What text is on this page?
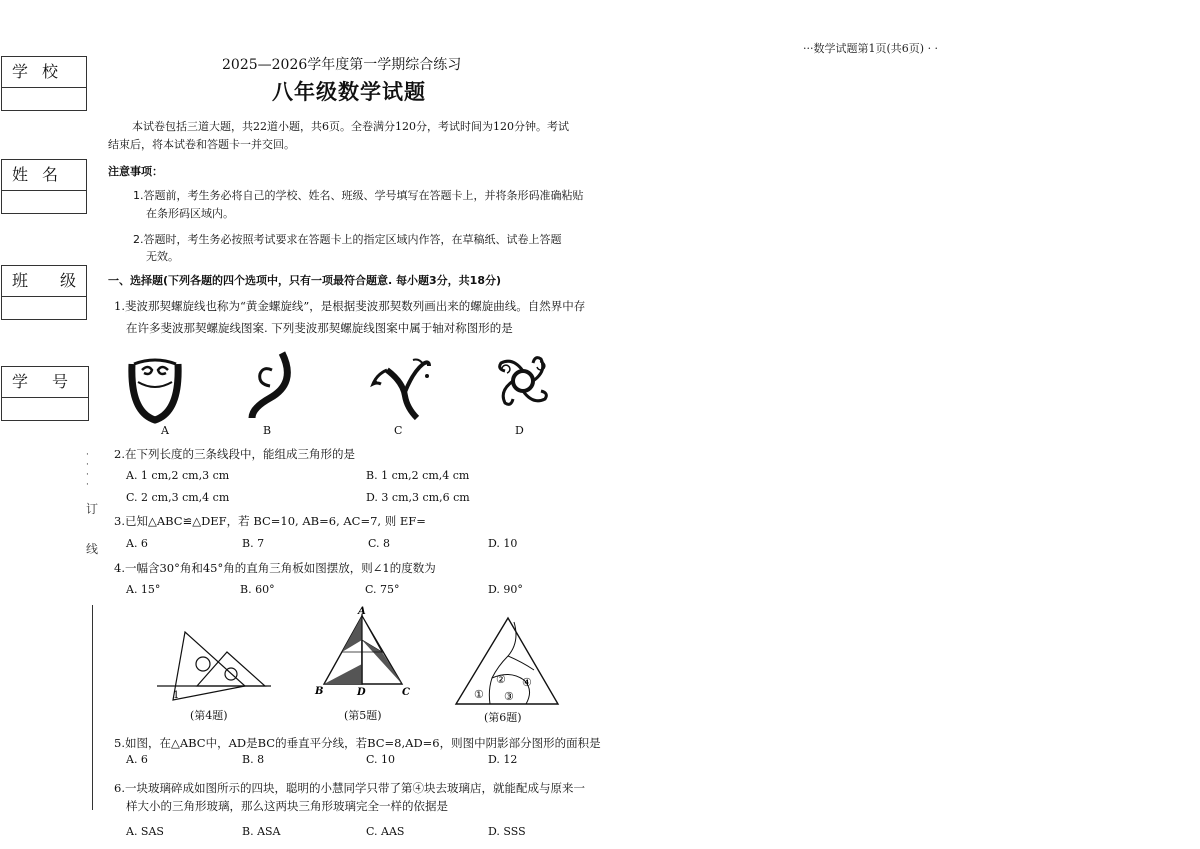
···数学试题第1页(共6页) · ·
学校
姓名
班级
学号
·
·
·
·
订
线
2025—2026学年度第一学期综合练习
八年级数学试题
本试卷包括三道大题，共22道小题，共6页。全卷满分120分，考试时间为120分钟。考试
结束后，将本试卷和答题卡一并交回。
注意事项：
1.答题前，考生务必将自己的学校、姓名、班级、学号填写在答题卡上，并将条形码准确粘贴
在条形码区域内。
2.答题时，考生务必按照考试要求在答题卡上的指定区域内作答，在草稿纸、试卷上答题
无效。
一、选择题(下列各题的四个选项中，只有一项最符合题意. 每小题3分，共18分)
1.斐波那契螺旋线也称为“黄金螺旋线”，是根据斐波那契数列画出来的螺旋曲线。自然界中存
在许多斐波那契螺旋线图案. 下列斐波那契螺旋线图案中属于轴对称图形的是
A	B	C	D
2.在下列长度的三条线段中，能组成三角形的是
A. 1 cm,2 cm,3 cm	B. 1 cm,2 cm,4 cm
C. 2 cm,3 cm,4 cm	D. 3 cm,3 cm,6 cm
3.已知△ABC≌△DEF，若 BC=10, AB=6, AC=7, 则 EF=
A. 6	B. 7	C. 8	D. 10
4.一幅含30°角和45°角的直角三角板如图摆放，则∠1的度数为
A. 15°	B. 60°	C. 75°	D. 90°
1
(第4题)
A
B	D	C
(第5题)
①
②
③
④
(第6题)
5.如图，在△ABC中，AD是BC的垂直平分线，若BC=8,AD=6，则图中阴影部分图形的面积是
A. 6	B. 8	C. 10	D. 12
6.一块玻璃碎成如图所示的四块，聪明的小慧同学只带了第④块去玻璃店，就能配成与原来一
样大小的三角形玻璃，那么这两块三角形玻璃完全一样的依据是
A. SAS	B. ASA	C. AAS	D. SSS
